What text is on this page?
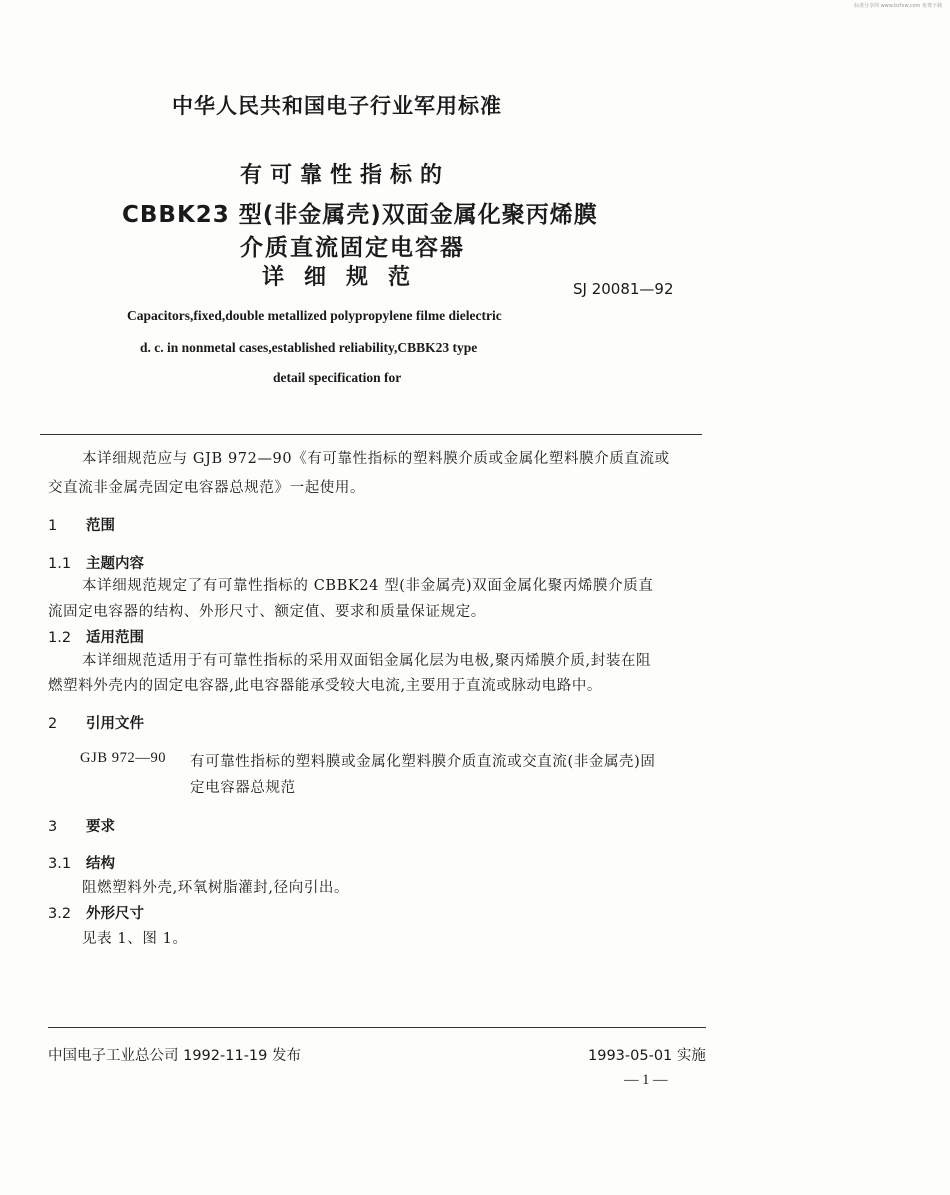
标准分享网 www.bzfxw.com 免费下载
中华人民共和国电子行业军用标准
有可靠性指标的
CBBK23 型(非金属壳)双面金属化聚丙烯膜
介质直流固定电容器
详细规范	SJ 20081—92
Capacitors,fixed,double metallized polypropylene filme dielectric
d. c. in nonmetal cases,established reliability,CBBK23 type
detail specification for
本详细规范应与 GJB 972—90《有可靠性指标的塑料膜介质或金属化塑料膜介质直流或
交直流非金属壳固定电容器总规范》一起使用。
1 范围
1.1 主题内容
本详细规范规定了有可靠性指标的 CBBK24 型(非金属壳)双面金属化聚丙烯膜介质直
流固定电容器的结构、外形尺寸、额定值、要求和质量保证规定。
1.2 适用范围
本详细规范适用于有可靠性指标的采用双面铝金属化层为电极,聚丙烯膜介质,封装在阻
燃塑料外壳内的固定电容器,此电容器能承受较大电流,主要用于直流或脉动电路中。
2 引用文件
GJB 972—90 有可靠性指标的塑料膜或金属化塑料膜介质直流或交直流(非金属壳)固
定电容器总规范
3 要求
3.1 结构
阻燃塑料外壳,环氧树脂灌封,径向引出。
3.2 外形尺寸
见表 1、图 1。
中国电子工业总公司 1992-11-19 发布	1993-05-01 实施
— 1 —
